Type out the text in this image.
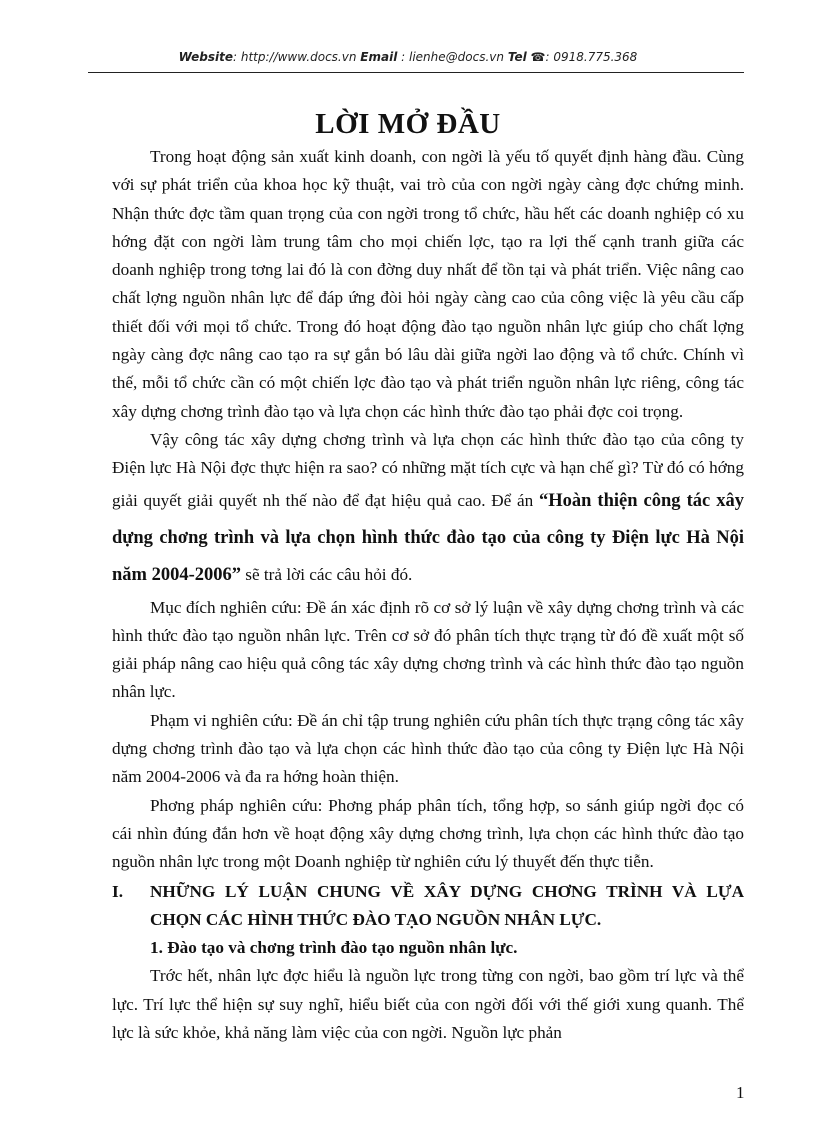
Website: http://www.docs.vn Email : lienhe@docs.vn Tel ☎: 0918.775.368
LỜI MỞ ĐẦU

Trong hoạt động sản xuất kinh doanh, con ngời là yếu tố quyết định hàng đầu. Cùng với sự phát triển của khoa học kỹ thuật, vai trò của con ngời ngày càng đợc chứng minh. Nhận thức đợc tầm quan trọng của con ngời trong tổ chức, hầu hết các doanh nghiệp có xu hớng đặt con ngời làm trung tâm cho mọi chiến lợc, tạo ra lợi thế cạnh tranh giữa các doanh nghiệp trong tơng lai đó là con đờng duy nhất để tồn tại và phát triển. Việc nâng cao chất lợng nguồn nhân lực để đáp ứng đòi hỏi ngày càng cao của công việc là yêu cầu cấp thiết đối với mọi tổ chức. Trong đó hoạt động đào tạo nguồn nhân lực giúp cho chất lợng ngày càng đợc nâng cao tạo ra sự gắn bó lâu dài giữa ngời lao động và tổ chức. Chính vì thế, mỗi tổ chức cần có một chiến lợc đào tạo và phát triển nguồn nhân lực riêng, công tác xây dựng chơng trình đào tạo và lựa chọn các hình thức đào tạo phải đợc coi trọng.

Vậy công tác xây dựng chơng trình và lựa chọn các hình thức đào tạo của công ty Điện lực Hà Nội đợc thực hiện ra sao? có những mặt tích cực và hạn chế gì? Từ đó có hớng giải quyết giải quyết nh thế nào để đạt hiệu quả cao. Để án “Hoàn thiện công tác xây dựng chơng trình và lựa chọn hình thức đào tạo của công ty Điện lực Hà Nội năm 2004-2006” sẽ trả lời các câu hỏi đó.

Mục đích nghiên cứu: Đề án xác định rõ cơ sở lý luận về xây dựng chơng trình và các hình thức đào tạo nguồn nhân lực. Trên cơ sở đó phân tích thực trạng từ đó đề xuất một số giải pháp nâng cao hiệu quả công tác xây dựng chơng trình và các hình thức đào tạo nguồn nhân lực.

Phạm vi nghiên cứu: Đề án chỉ tập trung nghiên cứu phân tích thực trạng công tác xây dựng chơng trình đào tạo và lựa chọn các hình thức đào tạo của công ty Điện lực Hà Nội năm 2004-2006 và đa ra hớng hoàn thiện.

Phơng pháp nghiên cứu: Phơng pháp phân tích, tổng hợp, so sánh giúp ngời đọc có cái nhìn đúng đắn hơn về hoạt động xây dựng chơng trình, lựa chọn các hình thức đào tạo nguồn nhân lực trong một Doanh nghiệp từ nghiên cứu lý thuyết đến thực tiễn.

I.	NHỮNG LÝ LUẬN CHUNG VỀ XÂY DỰNG CHƠNG TRÌNH VÀ LỰA CHỌN CÁC HÌNH THỨC ĐÀO TẠO NGUỒN NHÂN LỰC.

1. Đào tạo và chơng trình đào tạo nguồn nhân lực.

Trớc hết, nhân lực đợc hiểu là nguồn lực trong từng con ngời, bao gồm trí lực và thể lực. Trí lực thể hiện sự suy nghĩ, hiểu biết của con ngời đối với thế giới xung quanh. Thể lực là sức khỏe, khả năng làm việc của con ngời. Nguồn lực phản

1
